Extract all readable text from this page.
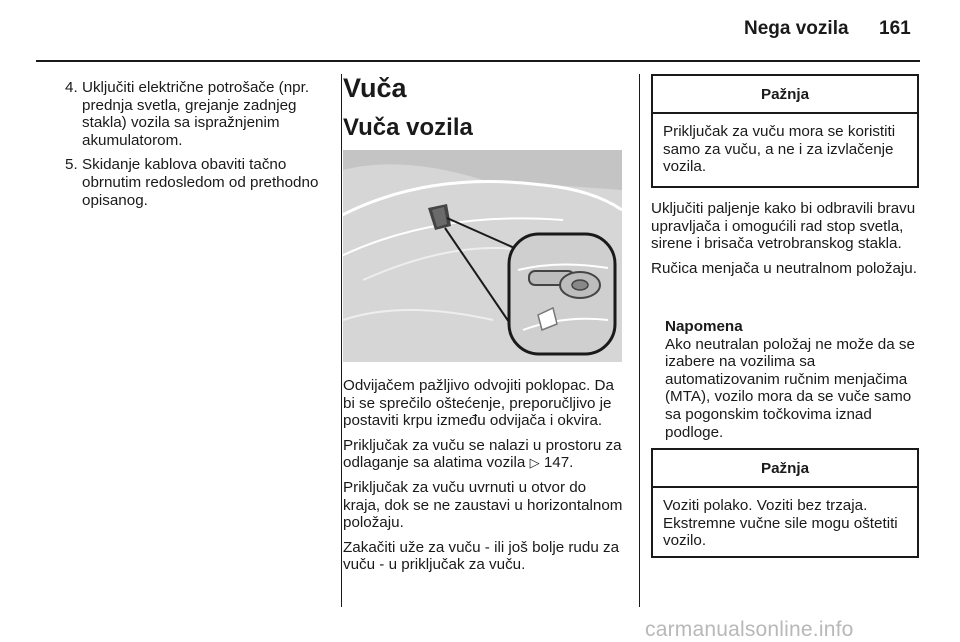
Nega vozila 161
4. Uključiti električne potrošače (npr. prednja svetla, grejanje zadnjeg stakla) vozila sa ispražnjenim akumulatorom.
5. Skidanje kablova obaviti tačno obrnutim redosledom od prethodno opisanog.
Vuča
Vuča vozila

Odvijačem pažljivo odvojiti poklopac. Da bi se sprečilo oštećenje, preporučljivo je postaviti krpu između odvijača i okvira.

Priključak za vuču se nalazi u prostoru za odlaganje sa alatima vozila ▷ 147.

Priključak za vuču uvrnuti u otvor do kraja, dok se ne zaustavi u horizontalnom položaju.

Zakačiti uže za vuču - ili još bolje rudu za vuču - u priključak za vuču.

Pažnja
Priključak za vuču mora se koristiti samo za vuču, a ne i za izvlačenje vozila.

Uključiti paljenje kako bi odbravili bravu upravljača i omogućili rad stop svetla, sirene i brisača vetrobranskog stakla.

Ručica menjača u neutralnom položaju.

Napomena
Ako neutralan položaj ne može da se izabere na vozilima sa automatizovanim ručnim menjačima (MTA), vozilo mora da se vuče samo sa pogonskim točkovima iznad podloge.
Pažnja
Voziti polako. Voziti bez trzaja. Ekstremne vučne sile mogu oštetiti vozilo.
carmanualsonline.info
